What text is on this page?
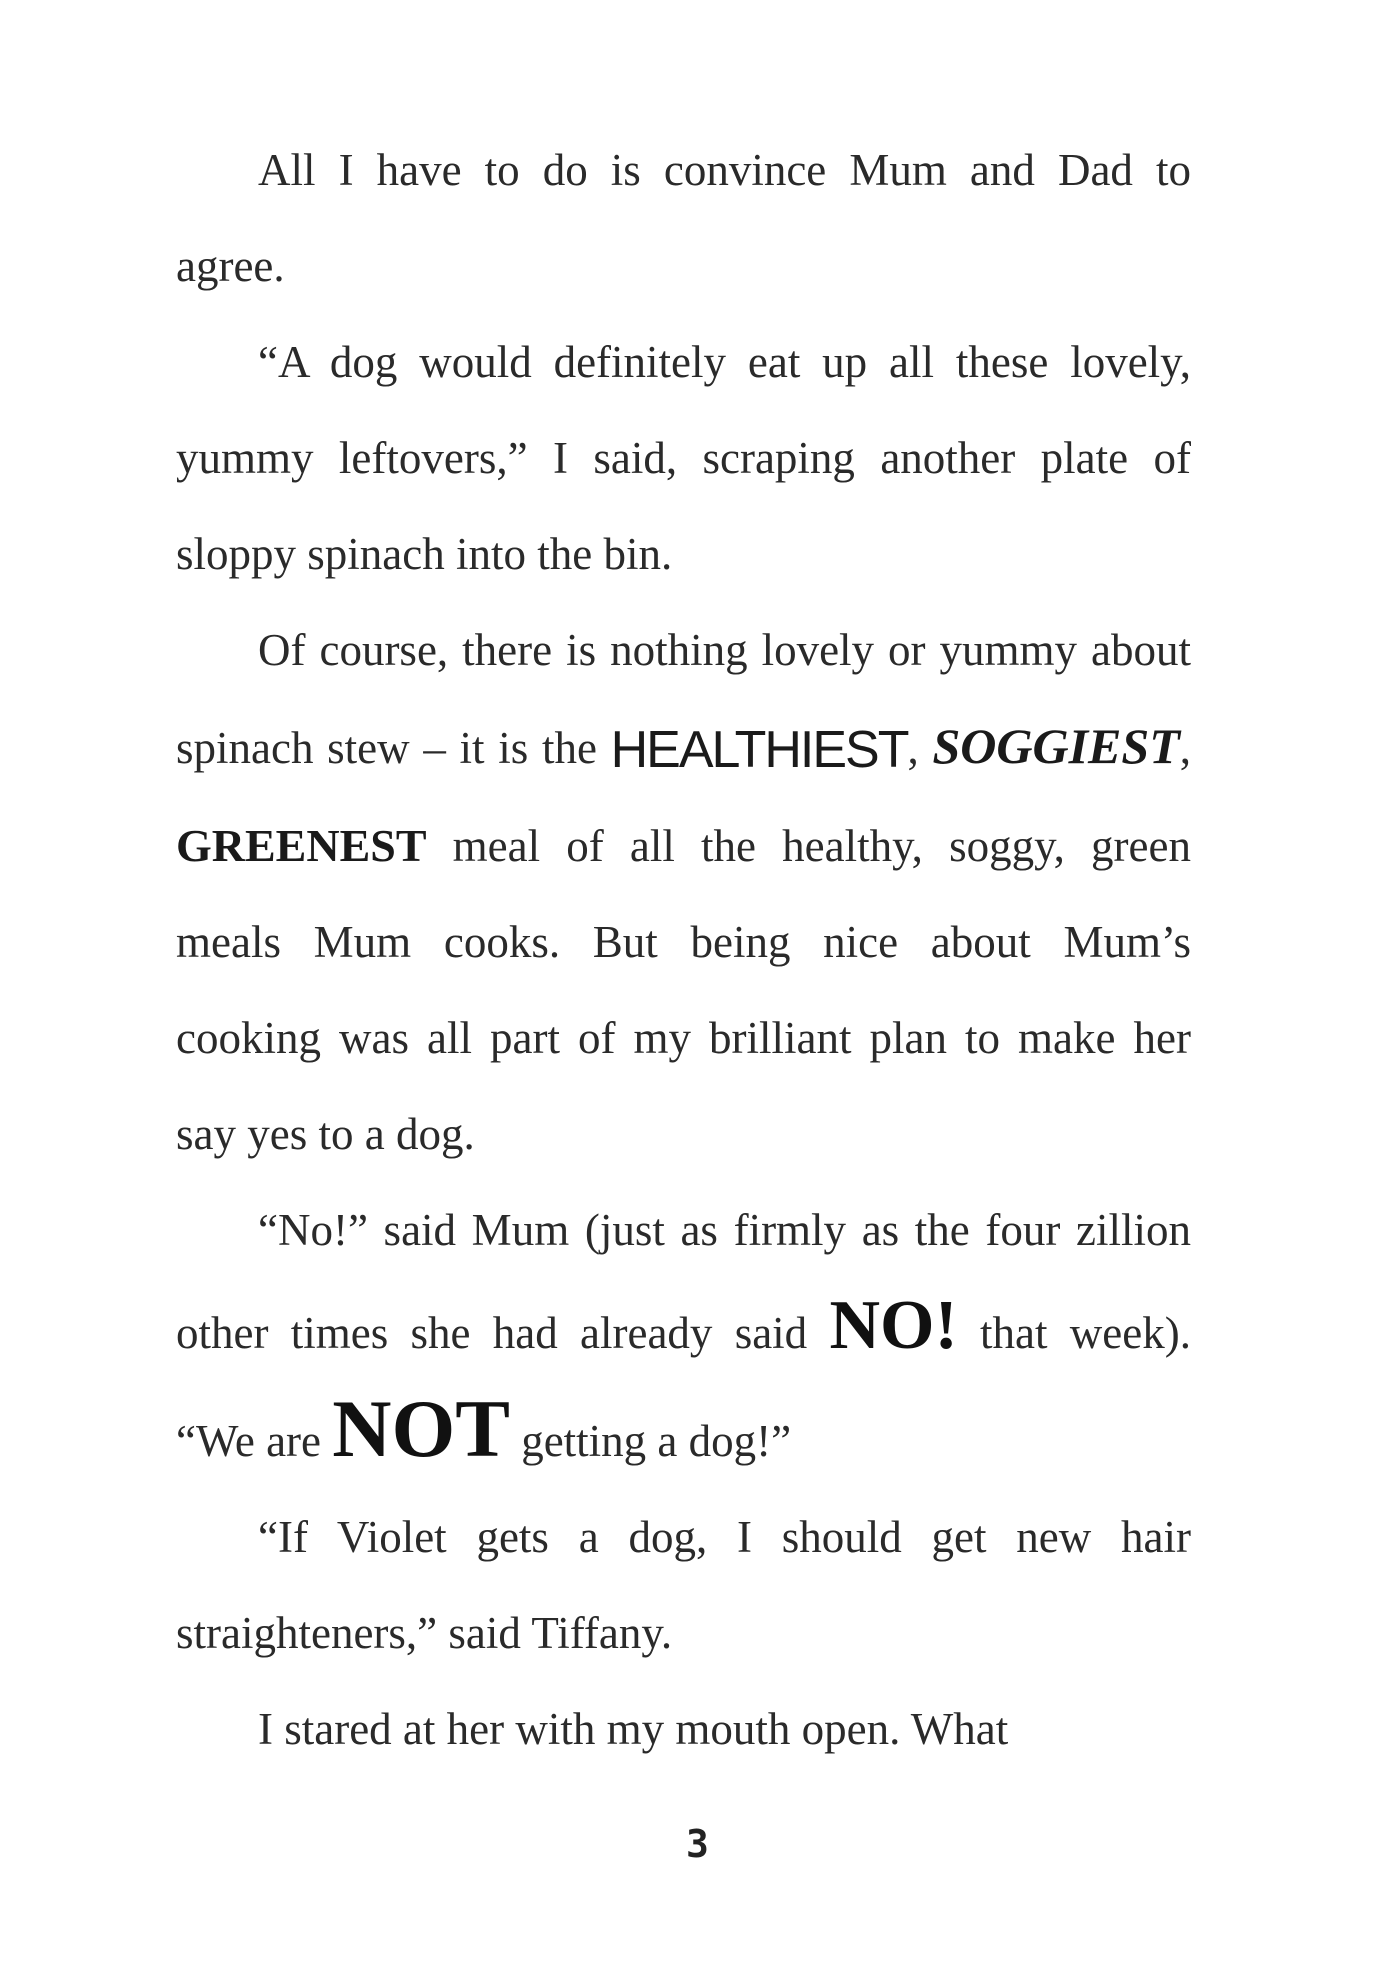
All I have to do is convince Mum and Dad to agree.

“A dog would definitely eat up all these lovely, yummy leftovers,” I said, scraping another plate of sloppy spinach into the bin.

Of course, there is nothing lovely or yummy about spinach stew – it is the HEALTHIEST, SOGGIEST, GREENEST meal of all the healthy, soggy, green meals Mum cooks. But being nice about Mum’s cooking was all part of my brilliant plan to make her say yes to a dog.

“No!” said Mum (just as firmly as the four zillion other times she had already said NO! that week). “We are NOT getting a dog!”

“If Violet gets a dog, I should get new hair straighteners,” said Tiffany.

I stared at her with my mouth open. What

3
